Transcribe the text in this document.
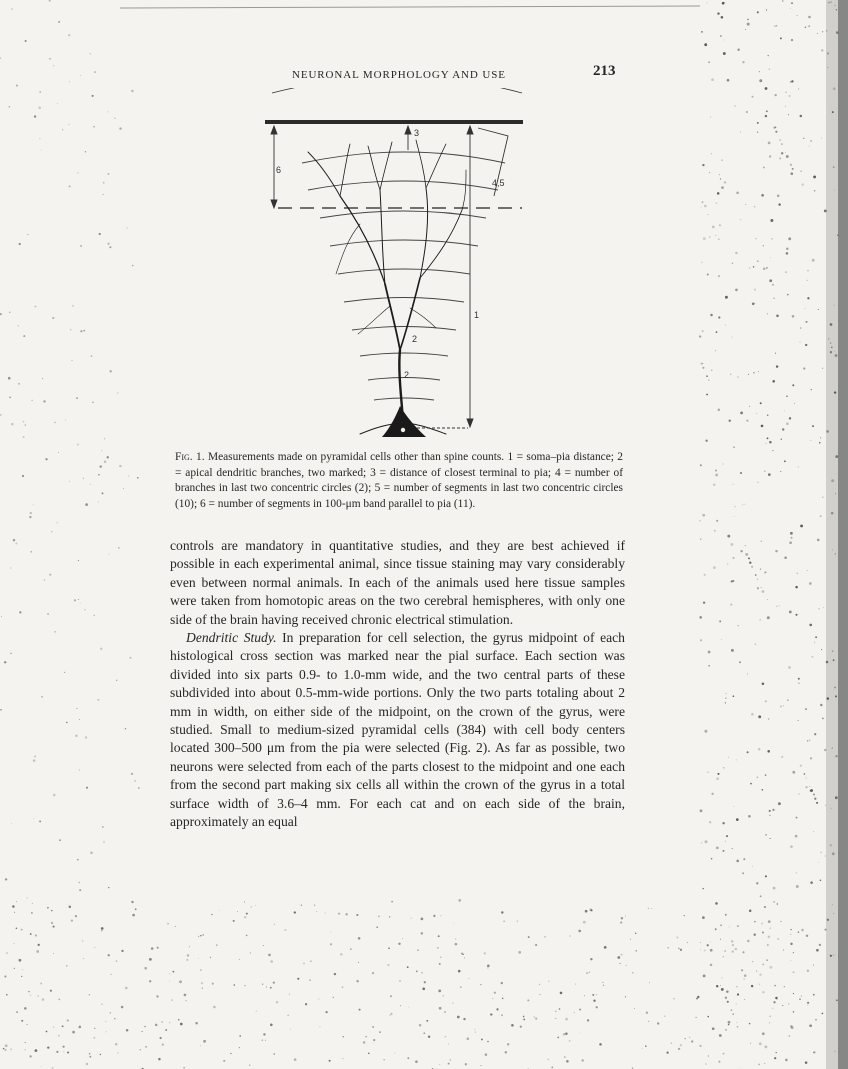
NEURONAL MORPHOLOGY AND USE	213
1
2
2
3
4,5
6
Fig. 1. Measurements made on pyramidal cells other than spine counts. 1 = soma–pia distance; 2 = apical dendritic branches, two marked; 3 = distance of closest terminal to pia; 4 = number of branches in last two concentric circles (2); 5 = number of segments in last two concentric circles (10); 6 = number of segments in 100-μm band parallel to pia (11).

controls are mandatory in quantitative studies, and they are best achieved if possible in each experimental animal, since tissue staining may vary considerably even between normal animals. In each of the animals used here tissue samples were taken from homotopic areas on the two cerebral hemispheres, with only one side of the brain having received chronic electrical stimulation.

Dendritic Study. In preparation for cell selection, the gyrus midpoint of each histological cross section was marked near the pial surface. Each section was divided into six parts 0.9- to 1.0-mm wide, and the two central parts of these subdivided into about 0.5-mm-wide portions. Only the two parts totaling about 2 mm in width, on either side of the midpoint, on the crown of the gyrus, were studied. Small to medium-sized pyramidal cells (384) with cell body centers located 300–500 μm from the pia were selected (Fig. 2). As far as possible, two neurons were selected from each of the parts closest to the midpoint and one each from the second part making six cells all within the crown of the gyrus in a total surface width of 3.6–4 mm. For each cat and on each side of the brain, approximately an equal
